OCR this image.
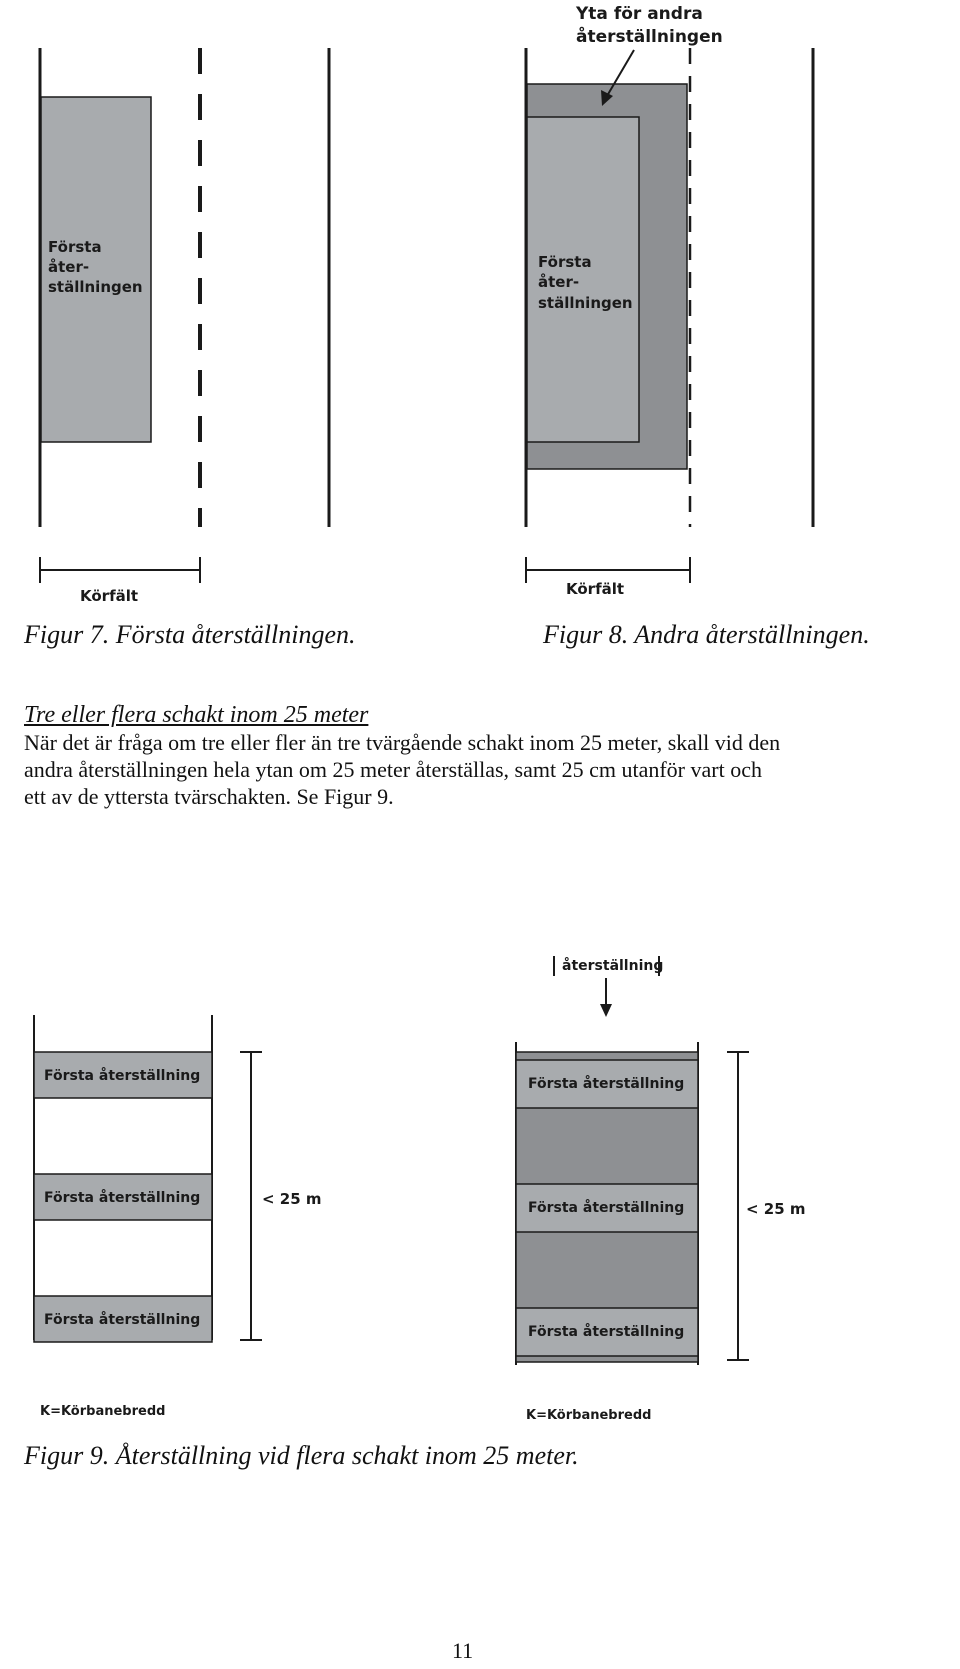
Första åter- ställningen
Körfält
Första åter- ställningen
Yta för andra återställningen
Körfält
Första återställning
Första återställning
Första återställning
< 25 m
K=Körbanebredd
Första återställning
Första återställning
Första återställning
återställning
< 25 m
K=Körbanebredd
Figur 7. Första återställningen.	Figur 8. Andra återställningen.
Tre eller flera schakt inom 25 meter
När det är fråga om tre eller fler än tre tvärgående schakt inom 25 meter, skall vid den
andra återställningen hela ytan om 25 meter återställas, samt 25 cm utanför vart och
ett av de yttersta tvärschakten. Se Figur 9.
Figur 9. Återställning vid flera schakt inom 25 meter.
11
